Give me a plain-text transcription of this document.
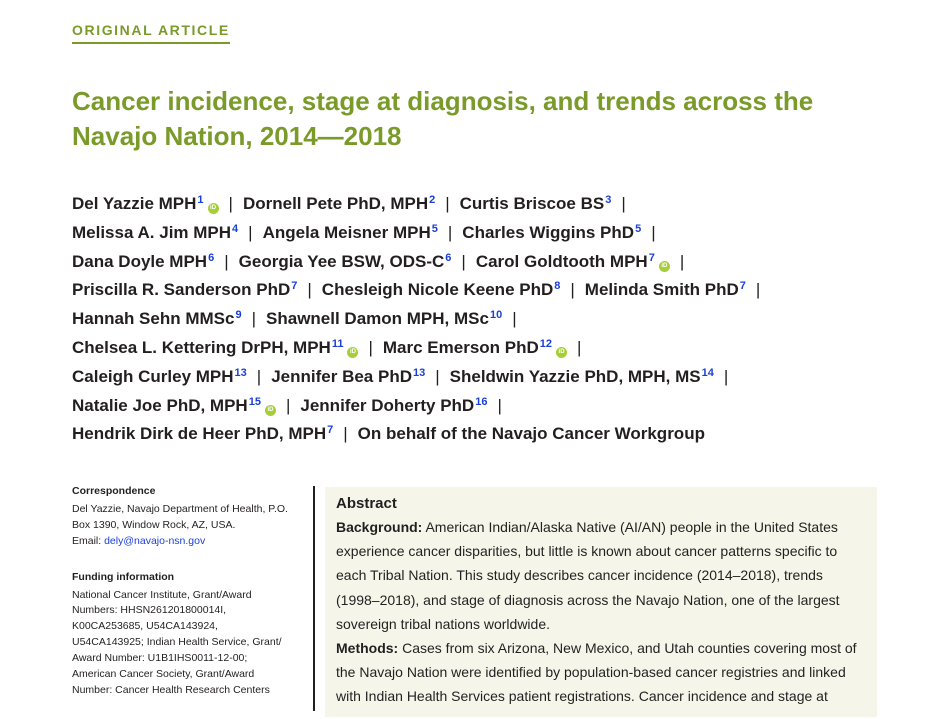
ORIGINAL ARTICLE
Cancer incidence, stage at diagnosis, and trends across the Navajo Nation, 2014—2018
Del Yazzie MPH$^1$iD | Dornell Pete PhD, MPH$^2$ | Curtis Briscoe $BS^3$ |
Melissa A. Jim MPH$^4$ | Angela Meisner MPH$^5$ | Charles Wiggins PhD$^5$ |
Dana Doyle MPH$^6$ | Georgia Yee BSW, ODS-$C^6$ | Carol Goldtooth MPH$^7$iD |
Priscilla R. Sanderson PhD$^7$ | Chesleigh Nicole Keene PhD$^8$ | Melinda Smith PhD$^7$ |
Hannah Sehn MMSc$^9$ | Shawnell Damon MPH, MSc$^{10}$ |
Chelsea L. Kettering DrPH, MPH$^{11}$iD | Marc Emerson PhD$^{12}$iD |
Caleigh Curley MPH$^{13}$ | Jennifer Bea PhD$^{13}$ | Sheldwin Yazzie PhD, MPH, MS$^{14}$ |
Natalie Joe PhD, MPH$^{15}$iD | Jennifer Doherty PhD$^{16}$ |
Hendrik Dirk de Heer PhD, MPH$^7$ | On behalf of the Navajo Cancer Workgroup
Correspondence

Del Yazzie, Navajo Department of Health, P.O.
Box 1390, Window Rock, AZ, USA.
Email: dely@navajo-nsn.gov

Funding information

National Cancer Institute, Grant/Award
Numbers: HHSN261201800014I,
K00CA253685, U54CA143924,
U54CA143925; Indian Health Service, Grant/
Award Number: U1B1IHS0011-12-00;
American Cancer Society, Grant/Award
Number: Cancer Health Research Centers

Abstract
Background: American Indian/Alaska Native (AI/AN) people in the United States
experience cancer disparities, but little is known about cancer patterns specific to
each Tribal Nation. This study describes cancer incidence (2014–2018), trends
(1998–2018), and stage of diagnosis across the Navajo Nation, one of the largest
sovereign tribal nations worldwide.
Methods: Cases from six Arizona, New Mexico, and Utah counties covering most of
the Navajo Nation were identified by population-based cancer registries and linked
with Indian Health Services patient registrations. Cancer incidence and stage at
